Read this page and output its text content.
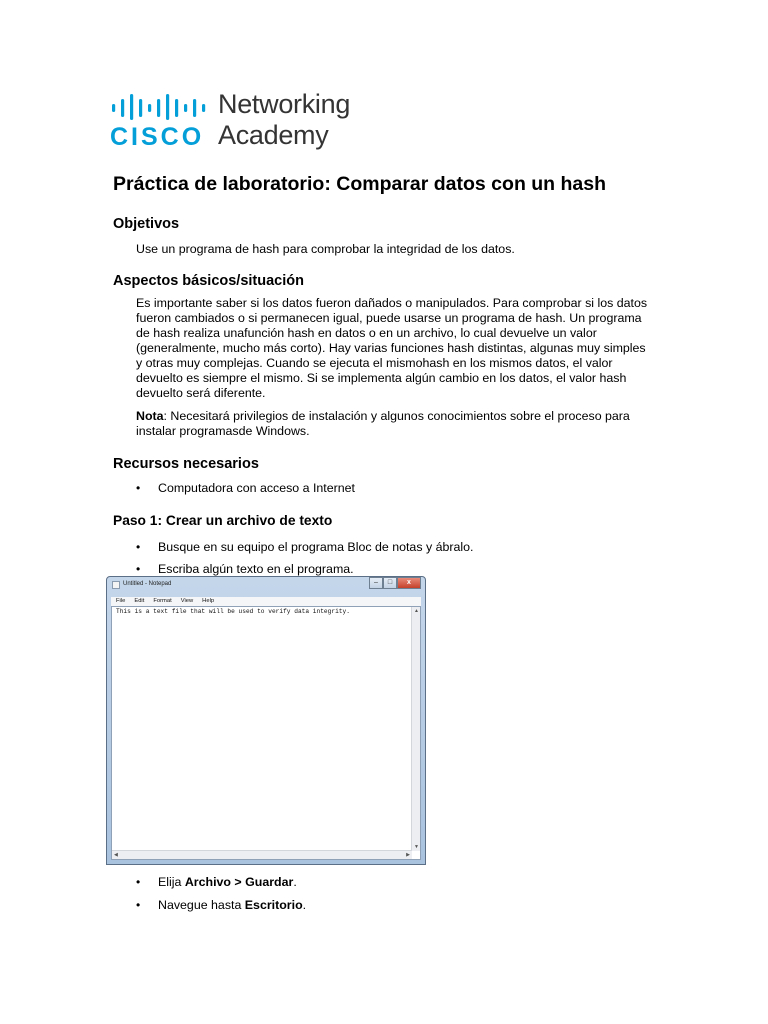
CISCO
Networking
Academy
Práctica de laboratorio: Comparar datos con un hash
Objetivos
Use un programa de hash para comprobar la integridad de los datos.
Aspectos básicos/situación
Es importante saber si los datos fueron dañados o manipulados. Para comprobar si los datos
fueron cambiados o si permanecen igual, puede usarse un programa de hash. Un programa
de hash realiza unafunción hash en datos o en un archivo, lo cual devuelve un valor
(generalmente, mucho más corto). Hay varias funciones hash distintas, algunas muy simples
y otras muy complejas. Cuando se ejecuta el mismohash en los mismos datos, el valor
devuelto es siempre el mismo. Si se implementa algún cambio en los datos, el valor hash
devuelto será diferente.
Nota: Necesitará privilegios de instalación y algunos conocimientos sobre el proceso para
instalar programasde Windows.
Recursos necesarios
• Computadora con acceso a Internet
Paso 1: Crear un archivo de texto
• Busque en su equipo el programa Bloc de notas y ábralo.
• Escriba algún texto en el programa.
Untitled - Notepad	–	□	x
File Edit Format View Help
This is a text file that will be used to verify data integrity.	▲
▼
◀	▶
• Elija Archivo > Guardar.
• Navegue hasta Escritorio.
